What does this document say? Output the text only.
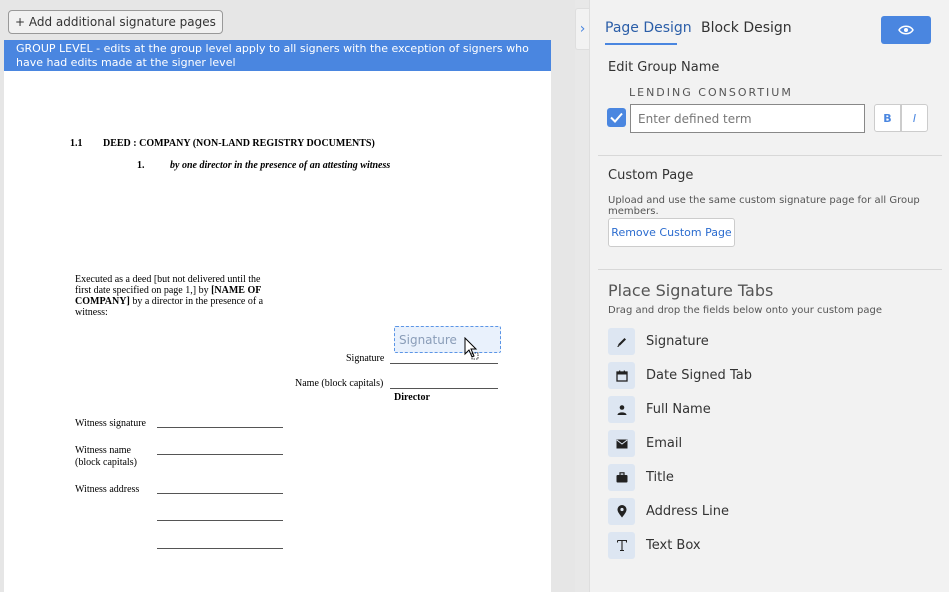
+ Add additional signature pages
GROUP LEVEL - edits at the group level apply to all signers with the exception of signers who have had edits made at the signer level
1.1 DEED : COMPANY (NON-LAND REGISTRY DOCUMENTS)
1.	by one director in the presence of an attesting witness
Executed as a deed [but not delivered until the
first date specified on page 1,] by [NAME OF
COMPANY] by a director in the presence of a
witness:
Signature
Signature
Name (block capitals)
Director
Witness signature
Witness name
(block capitals)
Witness address
› Page Design Block Design
Edit Group Name
LENDING CONSORTIUM
Enter defined term
B	I
Custom Page
Upload and use the same custom signature page for all Group members.
Remove Custom Page
Place Signature Tabs
Drag and drop the fields below onto your custom page
Signature
Date Signed Tab
Full Name
Email
Title
Address Line
Text Box
